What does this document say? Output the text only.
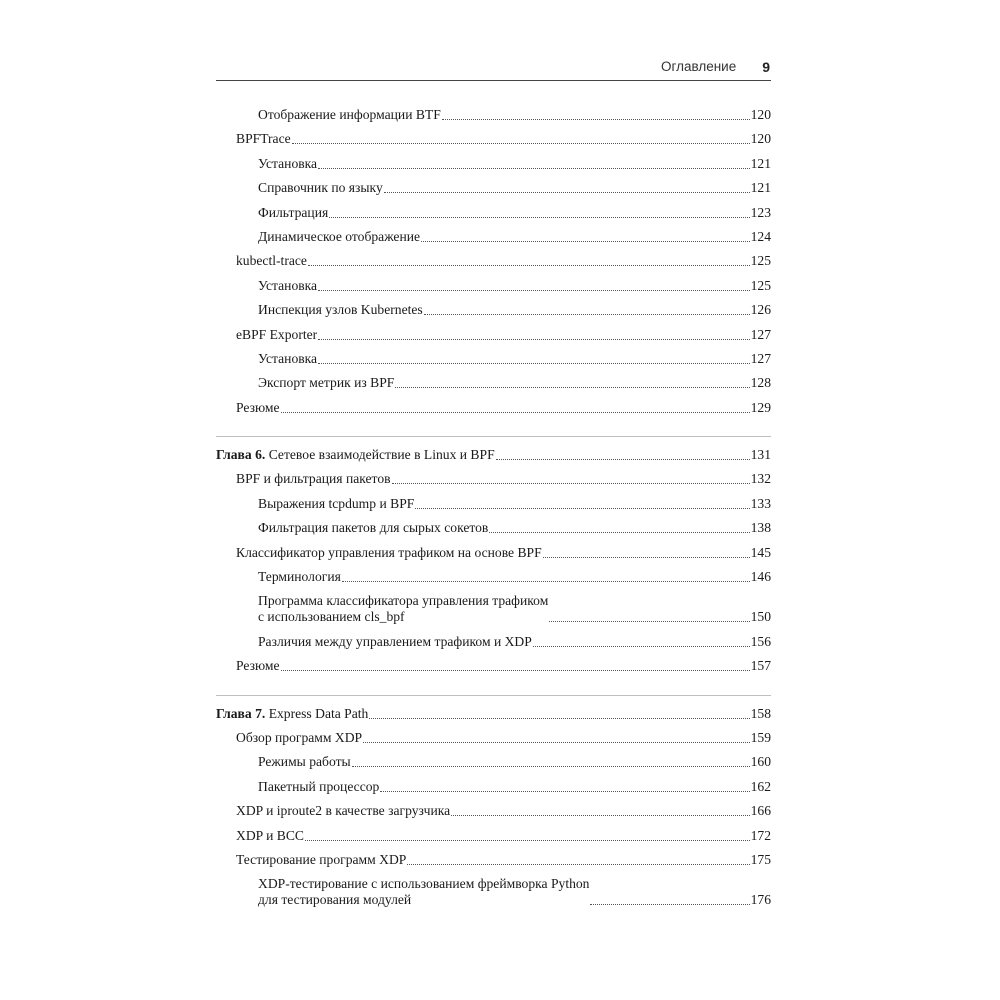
Оглавление 9
Отображение информации BTF	120
BPFTrace	120
Установка	121
Справочник по языку	121
Фильтрация	123
Динамическое отображение	124
kubectl-trace	125
Установка	125
Инспекция узлов Kubernetes	126
eBPF Exporter	127
Установка	127
Экспорт метрик из BPF	128
Резюме	129
Глава 6. Сетевое взаимодействие в Linux и BPF	131
BPF и фильтрация пакетов	132
Выражения tcpdump и BPF	133
Фильтрация пакетов для сырых сокетов	138
Классификатор управления трафиком на основе BPF	145
Терминология	146
Программа классификатора управления трафиком
с использованием cls_bpf	150
Различия между управлением трафиком и XDP	156
Резюме	157
Глава 7. Express Data Path	158
Обзор программ XDP	159
Режимы работы	160
Пакетный процессор	162
XDP и iproute2 в качестве загрузчика	166
XDP и BCC	172
Тестирование программ XDP	175
XDP-тестирование с использованием фреймворка Python
для тестирования модулей	176
